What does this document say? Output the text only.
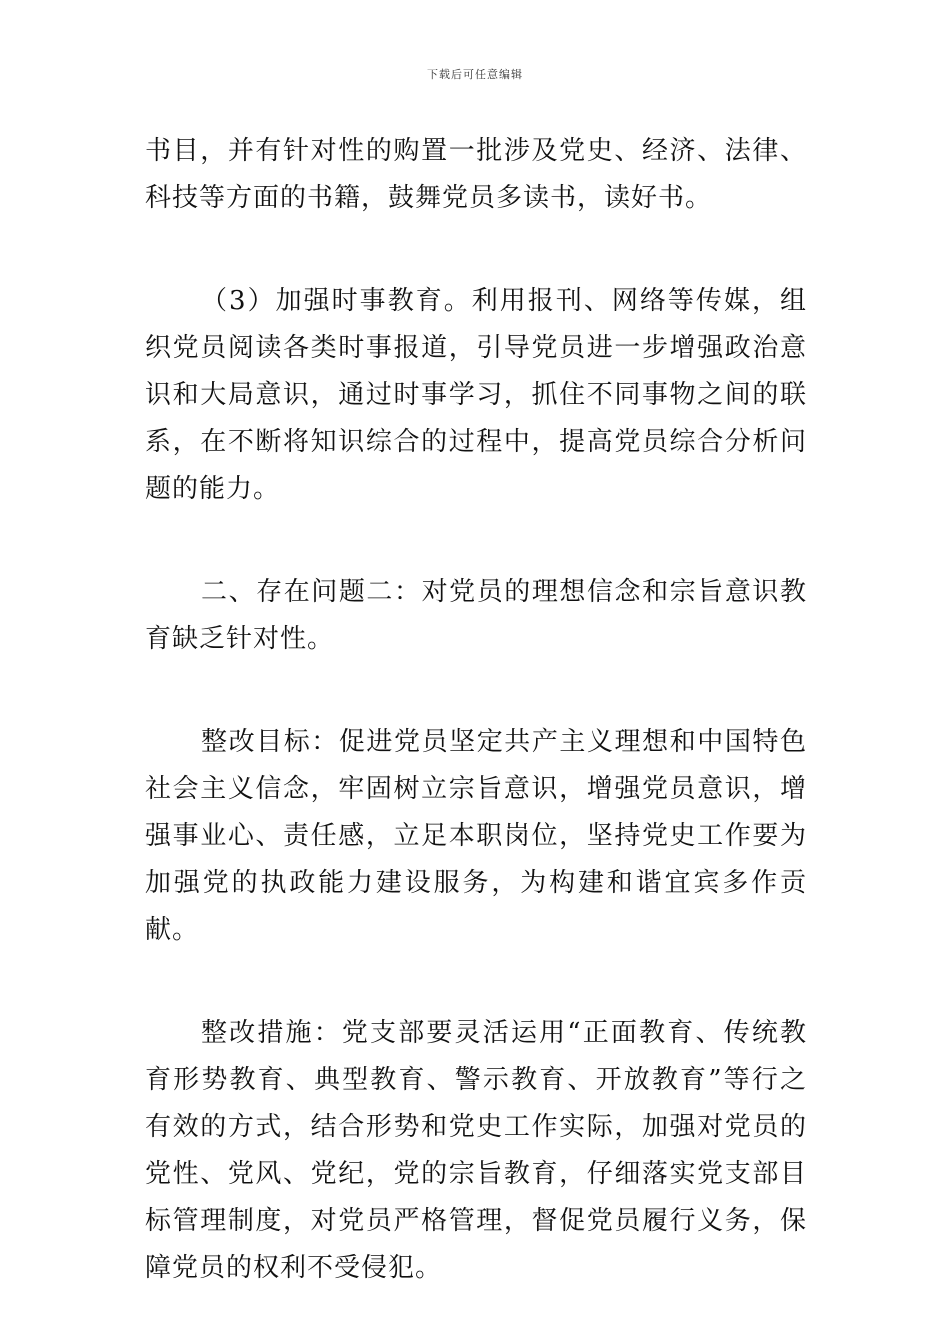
下载后可任意编辑

书目，并有针对性的购置一批涉及党史、经济、法律、科技等方面的书籍，鼓舞党员多读书，读好书。

（3）加强时事教育。利用报刊、网络等传媒，组织党员阅读各类时事报道，引导党员进一步增强政治意识和大局意识，通过时事学习，抓住不同事物之间的联系，在不断将知识综合的过程中，提高党员综合分析问题的能力。

二、存在问题二：对党员的理想信念和宗旨意识教育缺乏针对性。

整改目标：促进党员坚定共产主义理想和中国特色社会主义信念，牢固树立宗旨意识，增强党员意识，增强事业心、责任感，立足本职岗位，坚持党史工作要为加强党的执政能力建设服务，为构建和谐宜宾多作贡献。

整改措施：党支部要灵活运用“正面教育、传统教育形势教育、典型教育、警示教育、开放教育”等行之有效的方式，结合形势和党史工作实际，加强对党员的党性、党风、党纪，党的宗旨教育，仔细落实党支部目标管理制度，对党员严格管理，督促党员履行义务，保障党员的权利不受侵犯。
